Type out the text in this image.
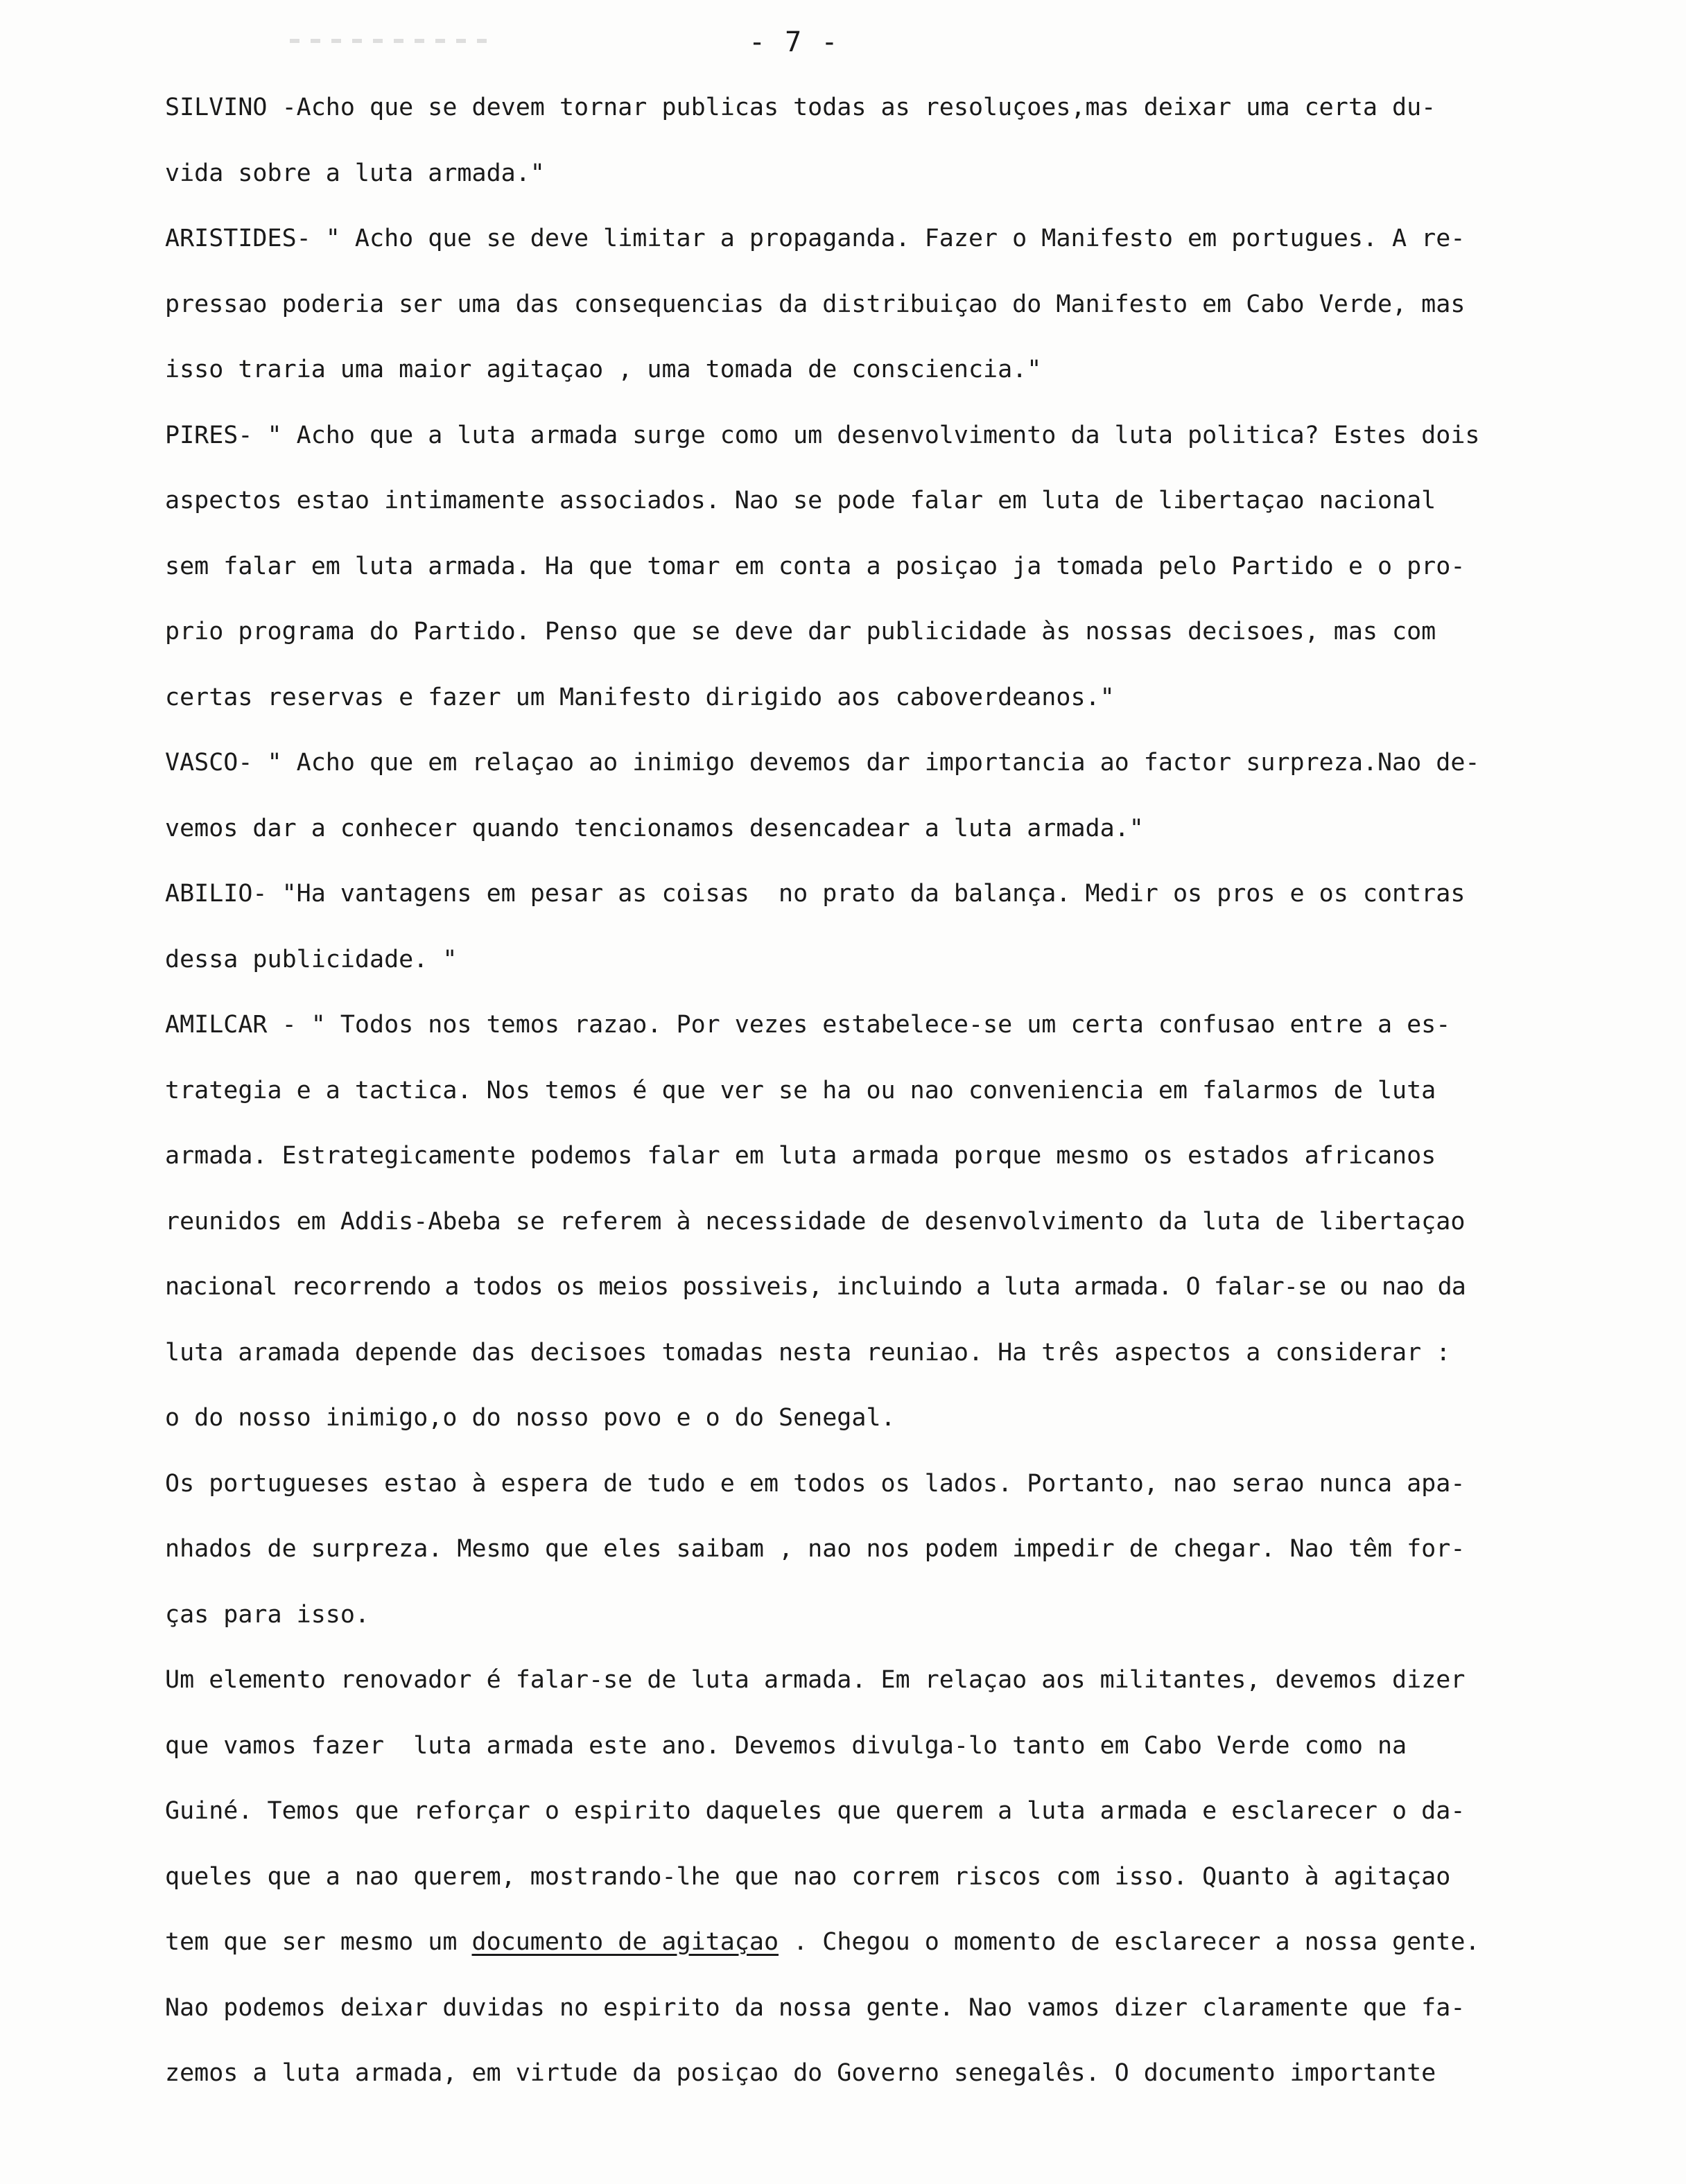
- 7 -
SILVINO -Acho que se devem tornar publicas todas as resoluçoes,mas deixar uma certa du-
vida sobre a luta armada."
ARISTIDES- " Acho que se deve limitar a propaganda. Fazer o Manifesto em portugues. A re-
pressao poderia ser uma das consequencias da distribuiçao do Manifesto em Cabo Verde, mas
isso traria uma maior agitaçao , uma tomada de consciencia."
PIRES- " Acho que a luta armada surge como um desenvolvimento da luta politica? Estes dois
aspectos estao intimamente associados. Nao se pode falar em luta de libertaçao nacional
sem falar em luta armada. Ha que tomar em conta a posiçao ja tomada pelo Partido e o pro-
prio programa do Partido. Penso que se deve dar publicidade às nossas decisoes, mas com
certas reservas e fazer um Manifesto dirigido aos caboverdeanos."
VASCO- " Acho que em relaçao ao inimigo devemos dar importancia ao factor surpreza.Nao de-
vemos dar a conhecer quando tencionamos desencadear a luta armada."
ABILIO- "Ha vantagens em pesar as coisas  no prato da balança. Medir os pros e os contras
dessa publicidade. "
AMILCAR - " Todos nos temos razao. Por vezes estabelece-se um certa confusao entre a es-
trategia e a tactica. Nos temos é que ver se ha ou nao conveniencia em falarmos de luta
armada. Estrategicamente podemos falar em luta armada porque mesmo os estados africanos
reunidos em Addis-Abeba se referem à necessidade de desenvolvimento da luta de libertaçao
nacional recorrendo a todos os meios possiveis, incluindo a luta armada. O falar-se ou nao da
luta aramada depende das decisoes tomadas nesta reuniao. Ha três aspectos a considerar :
o do nosso inimigo,o do nosso povo e o do Senegal.
Os portugueses estao à espera de tudo e em todos os lados. Portanto, nao serao nunca apa-
nhados de surpreza. Mesmo que eles saibam , nao nos podem impedir de chegar. Nao têm for-
ças para isso.
Um elemento renovador é falar-se de luta armada. Em relaçao aos militantes, devemos dizer
que vamos fazer  luta armada este ano. Devemos divulga-lo tanto em Cabo Verde como na
Guiné. Temos que reforçar o espirito daqueles que querem a luta armada e esclarecer o da-
queles que a nao querem, mostrando-lhe que nao correm riscos com isso. Quanto à agitaçao
tem que ser mesmo um documento de agitaçao . Chegou o momento de esclarecer a nossa gente.
Nao podemos deixar duvidas no espirito da nossa gente. Nao vamos dizer claramente que fa-
zemos a luta armada, em virtude da posiçao do Governo senegalês. O documento importante
